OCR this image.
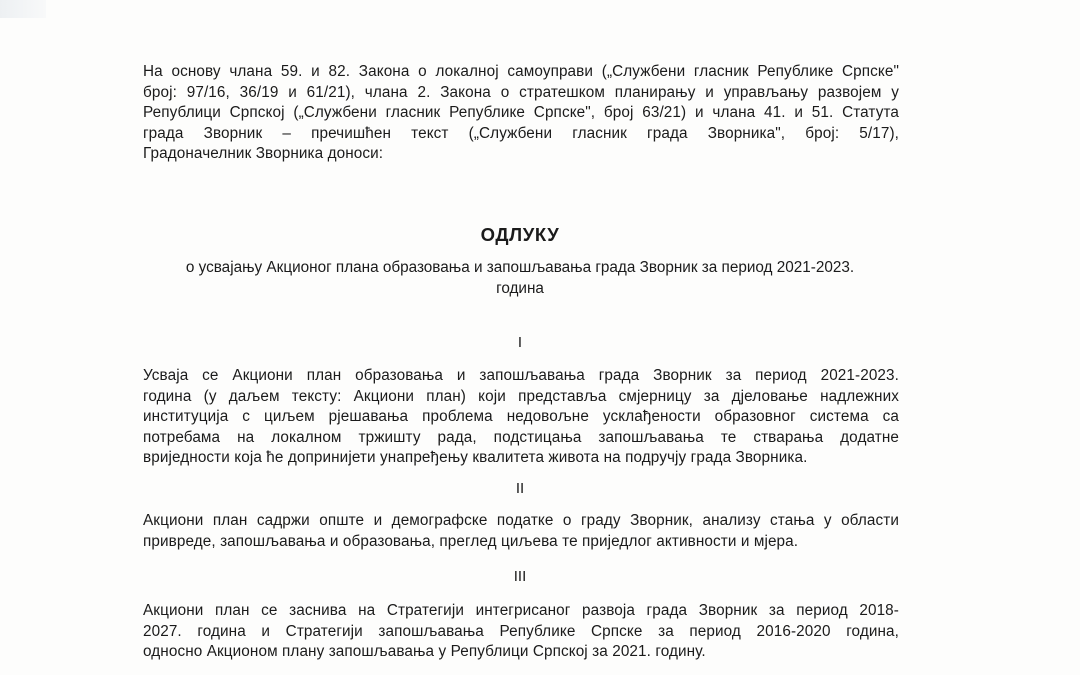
На основу члана 59. и 82. Закона о локалној самоуправи („Службени гласник Републике Српске"
број: 97/16, 36/19 и 61/21), члана 2. Закона о стратешком планирању и управљању развојем у
Републици Српској („Службени гласник Републике Српске", број 63/21) и члана 41. и 51. Статута
града Зворник – пречишћен текст („Службени гласник града Зворника", број: 5/17),
Градоначелник Зворника доноси:

ОДЛУКУ

о усвајању Акционог плана образовања и запошљавања града Зворник за период 2021-2023.
година

I

Усваја се Акциони план образовања и запошљавања града Зворник за период 2021-2023.
година (у даљем тексту: Акциони план) који представља смјерницу за дјеловање надлежних
институција с циљем рјешавања проблема недовољне усклађености образовног система са
потребама на локалном тржишту рада, подстицања запошљавања те стварања додатне
вриједности која ће доприниjети унапређењу квалитета живота на подручју града Зворника.

II

Акциони план садржи опште и демографске податке о граду Зворник, анализу стања у области
привреде, запошљавања и образовања, преглед циљева те приједлог активности и мјера.

III

Акциони план се заснива на Стратегији интегрисаног развоја града Зворник за период 2018-
2027. година и Стратегији запошљавања Републике Српске за период 2016-2020 година,
односно Акционом плану запошљавања у Републици Српској за 2021. годину.
